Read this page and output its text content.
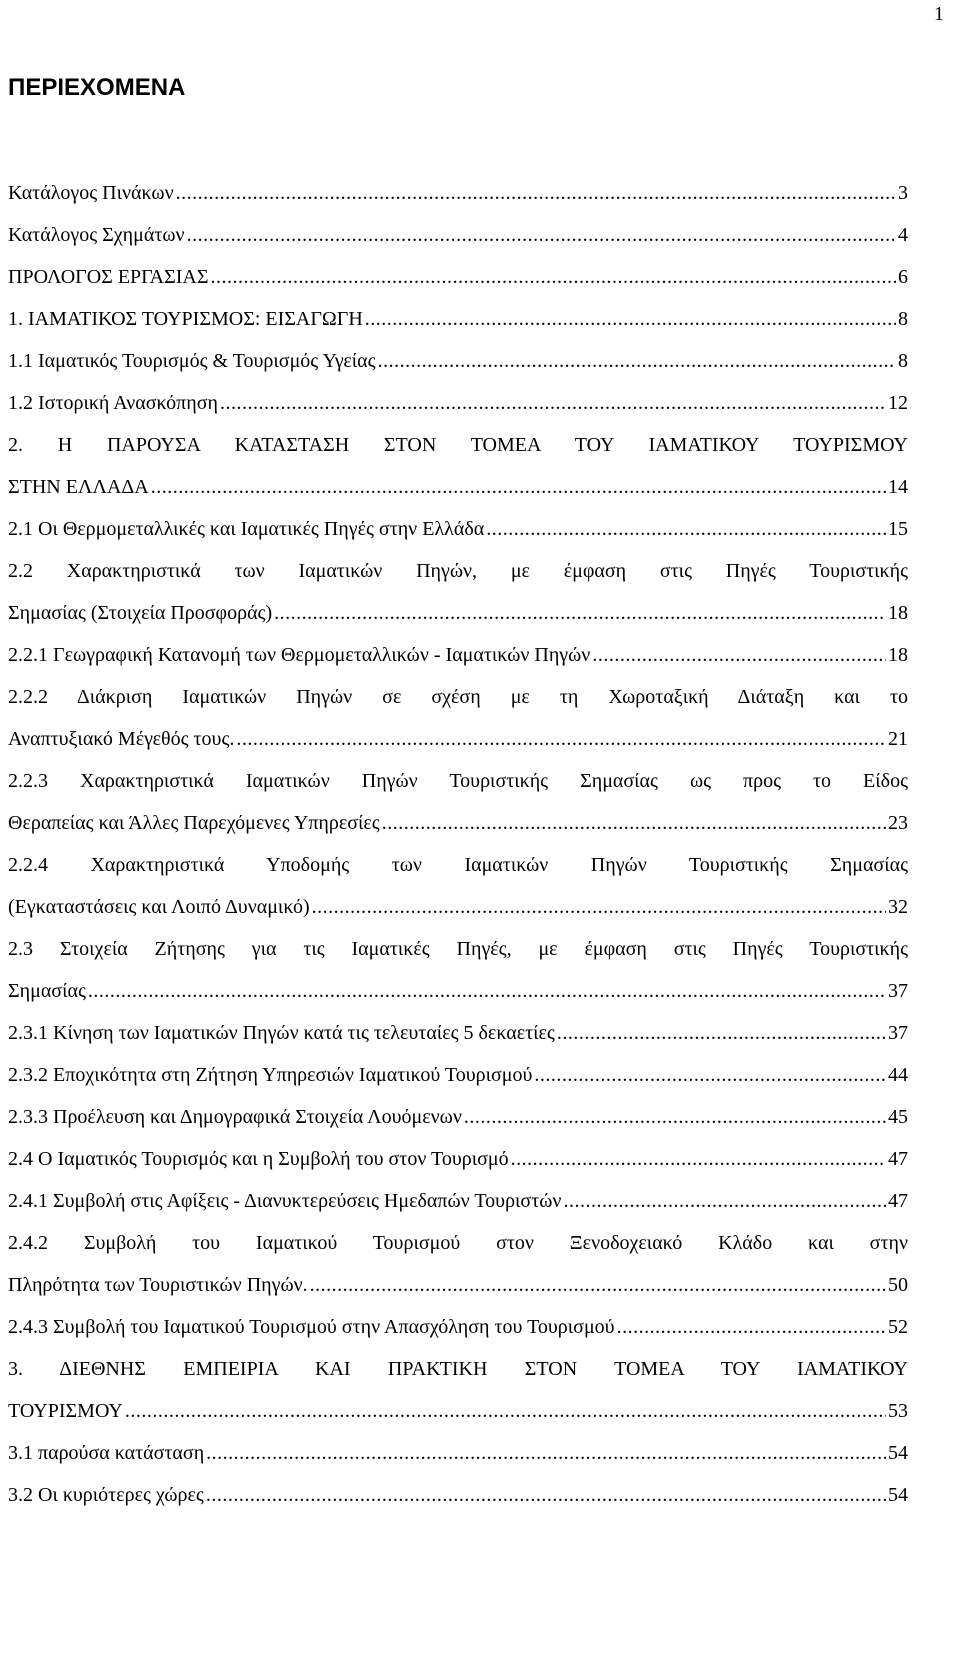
1
ΠΕΡΙΕΧΟΜΕΝΑ
Κατάλογος Πινάκων .....	3
Κατάλογος Σχημάτων .....	4
ΠΡΟΛΟΓΟΣ ΕΡΓΑΣΙΑΣ .....	6
1. ΙΑΜΑΤΙΚΟΣ ΤΟΥΡΙΣΜΟΣ: ΕΙΣΑΓΩΓΗ .....	8
1.1 Ιαματικός Τουρισμός & Τουρισμός Υγείας .....	8
1.2 Ιστορική Ανασκόπηση .....	12
2. Η ΠΑΡΟΥΣΑ ΚΑΤΑΣΤΑΣΗ ΣΤΟΝ ΤΟΜΕΑ ΤΟΥ ΙΑΜΑΤΙΚΟΥ ΤΟΥΡΙΣΜΟΥ
ΣΤΗΝ ΕΛΛΑΔΑ .....	14
2.1 Οι Θερμομεταλλικές και Ιαματικές Πηγές στην Ελλάδα .....	15
2.2 Χαρακτηριστικά των Ιαματικών Πηγών, με έμφαση στις Πηγές Τουριστικής
Σημασίας (Στοιχεία Προσφοράς) .....	18
2.2.1 Γεωγραφική Κατανομή των Θερμομεταλλικών - Ιαματικών Πηγών .....	18
2.2.2 Διάκριση Ιαματικών Πηγών σε σχέση με τη Χωροταξική Διάταξη και το
Αναπτυξιακό Μέγεθός τους. .....	21
2.2.3 Χαρακτηριστικά Ιαματικών Πηγών Τουριστικής Σημασίας ως προς το Είδος
Θεραπείας και Άλλες Παρεχόμενες Υπηρεσίες .....	23
2.2.4 Χαρακτηριστικά Υποδομής των Ιαματικών Πηγών Τουριστικής Σημασίας
(Εγκαταστάσεις και Λοιπό Δυναμικό) .....	32
2.3 Στοιχεία Ζήτησης για τις Ιαματικές Πηγές, με έμφαση στις Πηγές Τουριστικής
Σημασίας .....	37
2.3.1 Κίνηση των Ιαματικών Πηγών κατά τις τελευταίες 5 δεκαετίες .....	37
2.3.2 Εποχικότητα στη Ζήτηση Υπηρεσιών Ιαματικού Τουρισμού .....	44
2.3.3 Προέλευση και Δημογραφικά Στοιχεία Λουόμενων .....	45
2.4 Ο Ιαματικός Τουρισμός και η Συμβολή του στον Τουρισμό .....	47
2.4.1 Συμβολή στις Αφίξεις - Διανυκτερεύσεις Ημεδαπών Τουριστών .....	47
2.4.2 Συμβολή του Ιαματικού Τουρισμού στον Ξενοδοχειακό Κλάδο και στην
Πληρότητα των Τουριστικών Πηγών. .....	50
2.4.3 Συμβολή του Ιαματικού Τουρισμού στην Απασχόληση του Τουρισμού .....	52
3. ΔΙΕΘΝΗΣ ΕΜΠΕΙΡΙΑ ΚΑΙ ΠΡΑΚΤΙΚΗ ΣΤΟΝ ΤΟΜΕΑ ΤΟΥ ΙΑΜΑΤΙΚΟΥ
ΤΟΥΡΙΣΜΟΥ .....	53
3.1 παρούσα κατάσταση .....	54
3.2 Οι κυριότερες χώρες .....	54
